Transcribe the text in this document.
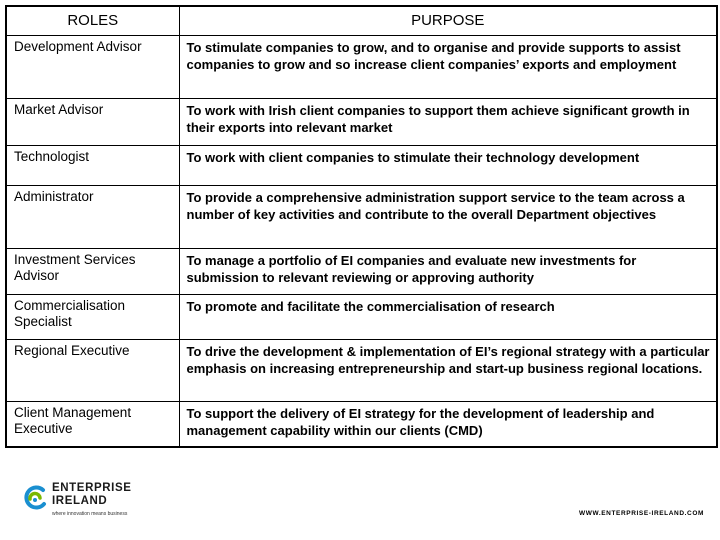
ROLES	PURPOSE
Development Advisor	To stimulate companies to grow, and to organise and provide supports to assist companies to grow and so increase client companies’ exports and employment
Market Advisor	To work with Irish client companies to support them achieve significant growth in their exports into relevant market
Technologist	To work with client companies to stimulate their technology development
Administrator	To provide a comprehensive administration support service to the team across a number of key activities and contribute to the overall Department objectives
Investment Services Advisor	To manage a portfolio of EI companies and evaluate new investments for submission to relevant reviewing or approving authority
Commercialisation Specialist	To promote and facilitate the commercialisation of research
Regional Executive	To drive the development & implementation of EI’s regional strategy with a particular emphasis on increasing entrepreneurship and start-up business regional locations.
Client Management Executive	To support the delivery of EI strategy for the development of leadership and management capability within our clients (CMD)
ENTERPRISE
IRELAND
where innovation means business	WWW.ENTERPRISE-IRELAND.COM
